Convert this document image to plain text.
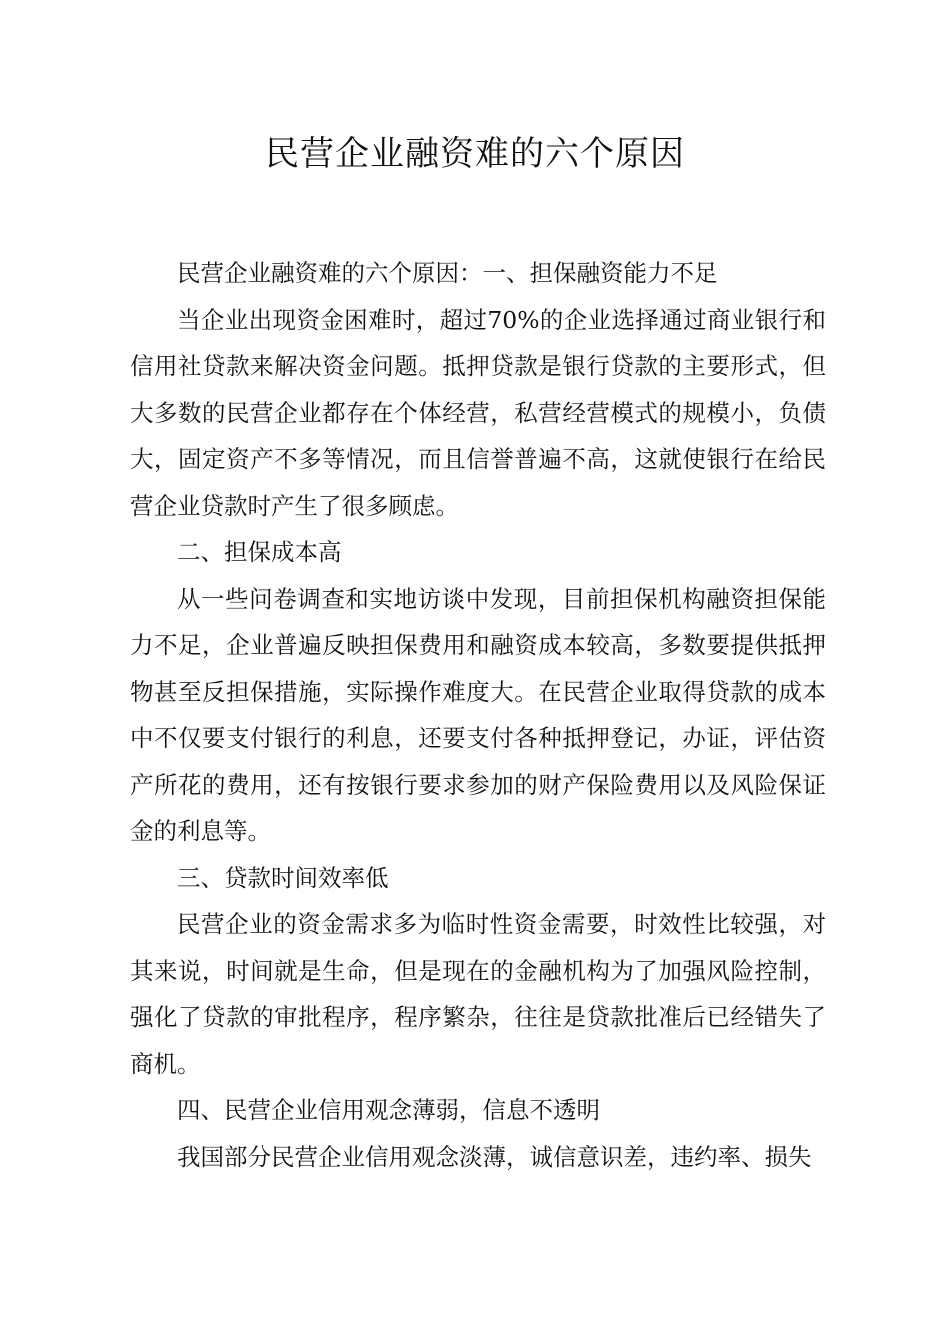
民营企业融资难的六个原因

民营企业融资难的六个原因：一、担保融资能力不足

当企业出现资金困难时，超过70%的企业选择通过商业银行和信用社贷款来解决资金问题。抵押贷款是银行贷款的主要形式，但大多数的民营企业都存在个体经营，私营经营模式的规模小，负债大，固定资产不多等情况，而且信誉普遍不高，这就使银行在给民营企业贷款时产生了很多顾虑。

二、担保成本高

从一些问卷调查和实地访谈中发现，目前担保机构融资担保能力不足，企业普遍反映担保费用和融资成本较高，多数要提供抵押物甚至反担保措施，实际操作难度大。在民营企业取得贷款的成本中不仅要支付银行的利息，还要支付各种抵押登记，办证，评估资产所花的费用，还有按银行要求参加的财产保险费用以及风险保证金的利息等。

三、贷款时间效率低

民营企业的资金需求多为临时性资金需要，时效性比较强，对其来说，时间就是生命，但是现在的金融机构为了加强风险控制，强化了贷款的审批程序，程序繁杂，往往是贷款批准后已经错失了商机。

四、民营企业信用观念薄弱，信息不透明

我国部分民营企业信用观念淡薄，诚信意识差，违约率、损失
